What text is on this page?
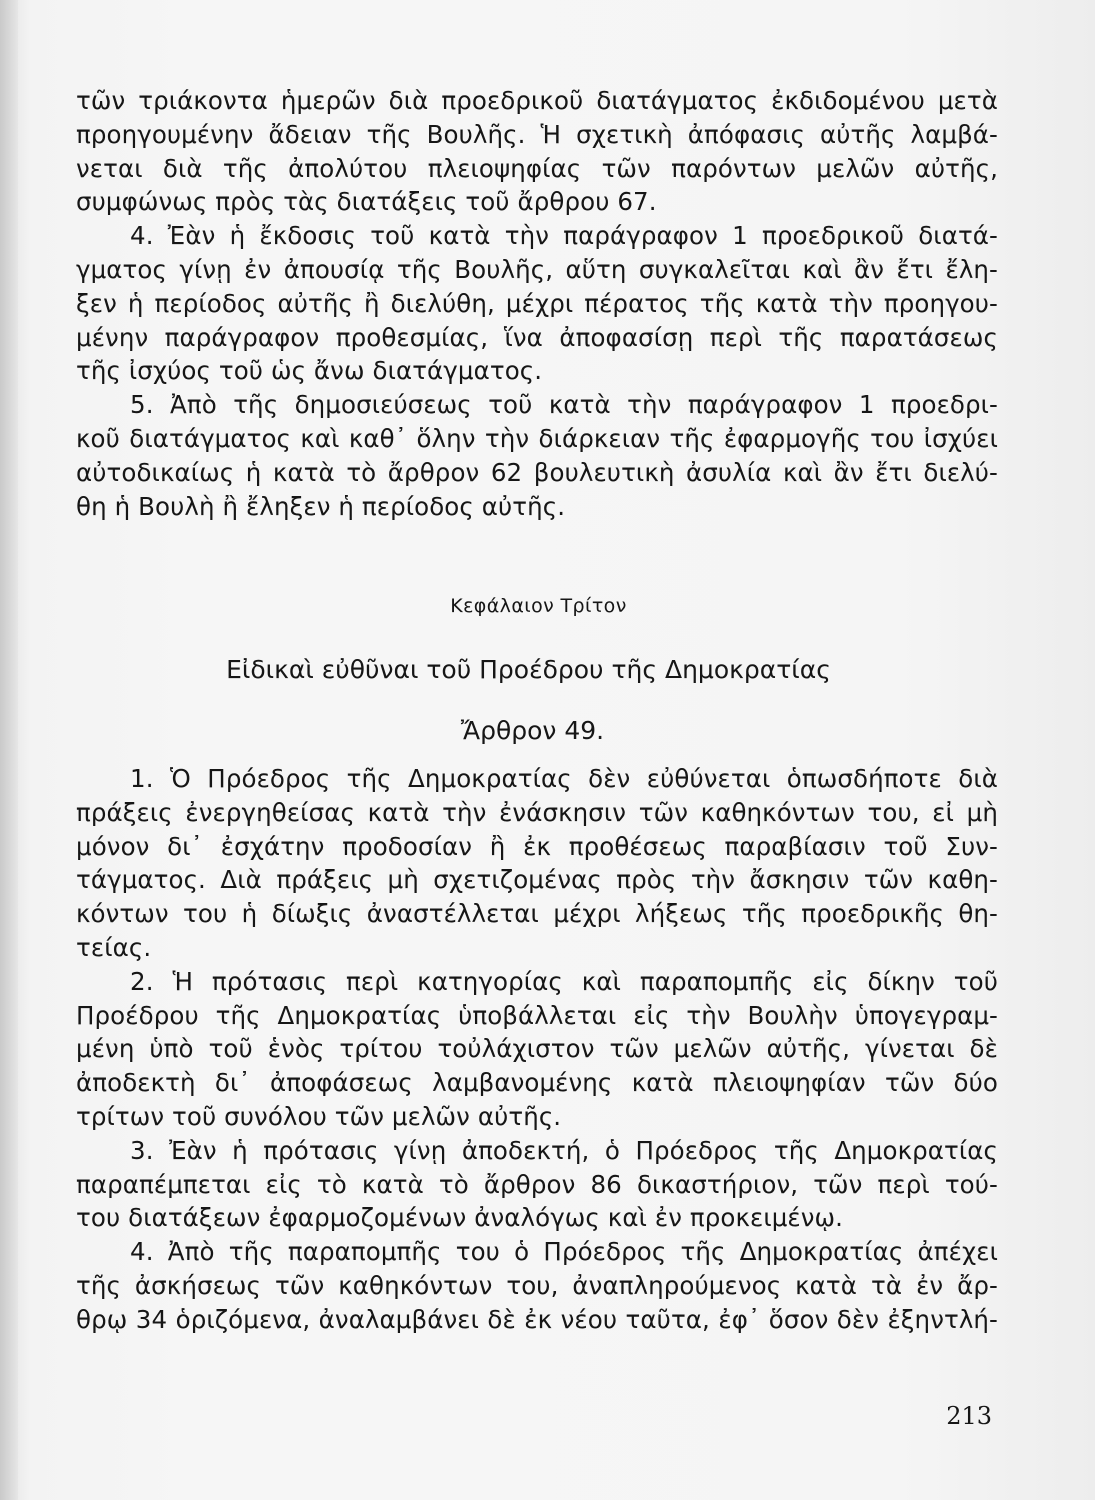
τῶν τριάκοντα ἡμερῶν διὰ προεδρικοῦ διατάγματος ἐκδιδομένου μετὰ
προηγουμένην ἄδειαν τῆς Βουλῆς. Ἡ σχετικὴ ἀπόφασις αὐτῆς λαμβά-
νεται διὰ τῆς ἀπολύτου πλειοψηφίας τῶν παρόντων μελῶν αὐτῆς,
συμφώνως πρὸς τὰς διατάξεις τοῦ ἄρθρου 67.
4. Ἐὰν ἡ ἔκδοσις τοῦ κατὰ τὴν παράγραφον 1 προεδρικοῦ διατά-
γματος γίνῃ ἐν ἀπουσίᾳ τῆς Βουλῆς, αὕτη συγκαλεῖται καὶ ἂν ἔτι ἔλη-
ξεν ἡ περίοδος αὐτῆς ἢ διελύθη, μέχρι πέρατος τῆς κατὰ τὴν προηγου-
μένην παράγραφον προθεσμίας, ἵνα ἀποφασίσῃ περὶ τῆς παρατάσεως
τῆς ἰσχύος τοῦ ὡς ἄνω διατάγματος.
5. Ἀπὸ τῆς δημοσιεύσεως τοῦ κατὰ τὴν παράγραφον 1 προεδρι-
κοῦ διατάγματος καὶ καθ᾽ ὅλην τὴν διάρκειαν τῆς ἐφαρμογῆς του ἰσχύει
αὐτοδικαίως ἡ κατὰ τὸ ἄρθρον 62 βουλευτικὴ ἀσυλία καὶ ἂν ἔτι διελύ-
θη ἡ Βουλὴ ἢ ἔληξεν ἡ περίοδος αὐτῆς.
Κεφάλαιον Τρίτον
Εἰδικαὶ εὐθῦναι τοῦ Προέδρου τῆς Δημοκρατίας
Ἄρθρον 49.
1. Ὁ Πρόεδρος τῆς Δημοκρατίας δὲν εὐθύνεται ὁπωσδήποτε διὰ
πράξεις ἐνεργηθείσας κατὰ τὴν ἐνάσκησιν τῶν καθηκόντων του, εἰ μὴ
μόνον δι᾽ ἐσχάτην προδοσίαν ἢ ἐκ προθέσεως παραβίασιν τοῦ Συν-
τάγματος. Διὰ πράξεις μὴ σχετιζομένας πρὸς τὴν ἄσκησιν τῶν καθη-
κόντων του ἡ δίωξις ἀναστέλλεται μέχρι λήξεως τῆς προεδρικῆς θη-
τείας.
2. Ἡ πρότασις περὶ κατηγορίας καὶ παραπομπῆς εἰς δίκην τοῦ
Προέδρου τῆς Δημοκρατίας ὑποβάλλεται εἰς τὴν Βουλὴν ὑπογεγραμ-
μένη ὑπὸ τοῦ ἑνὸς τρίτου τοὐλάχιστον τῶν μελῶν αὐτῆς, γίνεται δὲ
ἀποδεκτὴ δι᾽ ἀποφάσεως λαμβανομένης κατὰ πλειοψηφίαν τῶν δύο
τρίτων τοῦ συνόλου τῶν μελῶν αὐτῆς.
3. Ἐὰν ἡ πρότασις γίνῃ ἀποδεκτή, ὁ Πρόεδρος τῆς Δημοκρατίας
παραπέμπεται εἰς τὸ κατὰ τὸ ἄρθρον 86 δικαστήριον, τῶν περὶ τού-
του διατάξεων ἐφαρμοζομένων ἀναλόγως καὶ ἐν προκειμένῳ.
4. Ἀπὸ τῆς παραπομπῆς του ὁ Πρόεδρος τῆς Δημοκρατίας ἀπέχει
τῆς ἀσκήσεως τῶν καθηκόντων του, ἀναπληρούμενος κατὰ τὰ ἐν ἄρ-
θρῳ 34 ὁριζόμενα, ἀναλαμβάνει δὲ ἐκ νέου ταῦτα, ἐφ᾽ ὅσον δὲν ἐξηντλή-
213
